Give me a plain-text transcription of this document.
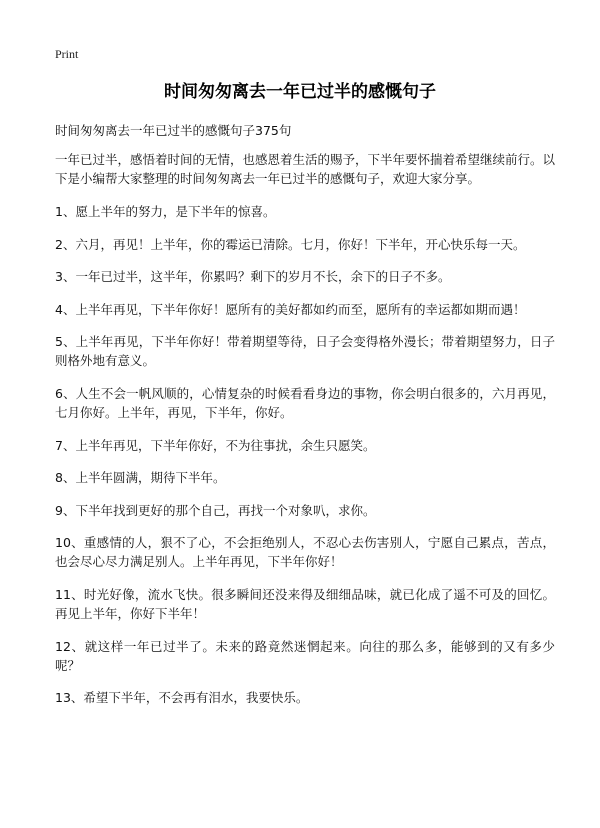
Print
时间匆匆离去一年已过半的感慨句子
时间匆匆离去一年已过半的感慨句子375句

一年已过半，感悟着时间的无情，也感恩着生活的赐予，下半年要怀揣着希望继续前行。以下是小编帮大家整理的时间匆匆离去一年已过半的感慨句子，欢迎大家分享。

1、愿上半年的努力，是下半年的惊喜。

2、六月，再见！上半年，你的霉运已清除。七月，你好！下半年，开心快乐每一天。

3、一年已过半，这半年，你累吗？剩下的岁月不长，余下的日子不多。

4、上半年再见，下半年你好！愿所有的美好都如约而至，愿所有的幸运都如期而遇！

5、上半年再见，下半年你好！带着期望等待，日子会变得格外漫长；带着期望努力，日子则格外地有意义。

6、人生不会一帆风顺的，心情复杂的时候看看身边的事物，你会明白很多的，六月再见，七月你好。上半年，再见，下半年，你好。

7、上半年再见，下半年你好，不为往事扰，余生只愿笑。

8、上半年圆满，期待下半年。

9、下半年找到更好的那个自己，再找一个对象叭，求你。

10、重感情的人，狠不了心，不会拒绝别人，不忍心去伤害别人，宁愿自己累点，苦点，也会尽心尽力满足别人。上半年再见，下半年你好！

11、时光好像，流水飞快。很多瞬间还没来得及细细品味，就已化成了遥不可及的回忆。再见上半年，你好下半年！

12、就这样一年已过半了。未来的路竟然迷惘起来。向往的那么多，能够到的又有多少呢？

13、希望下半年，不会再有泪水，我要快乐。
